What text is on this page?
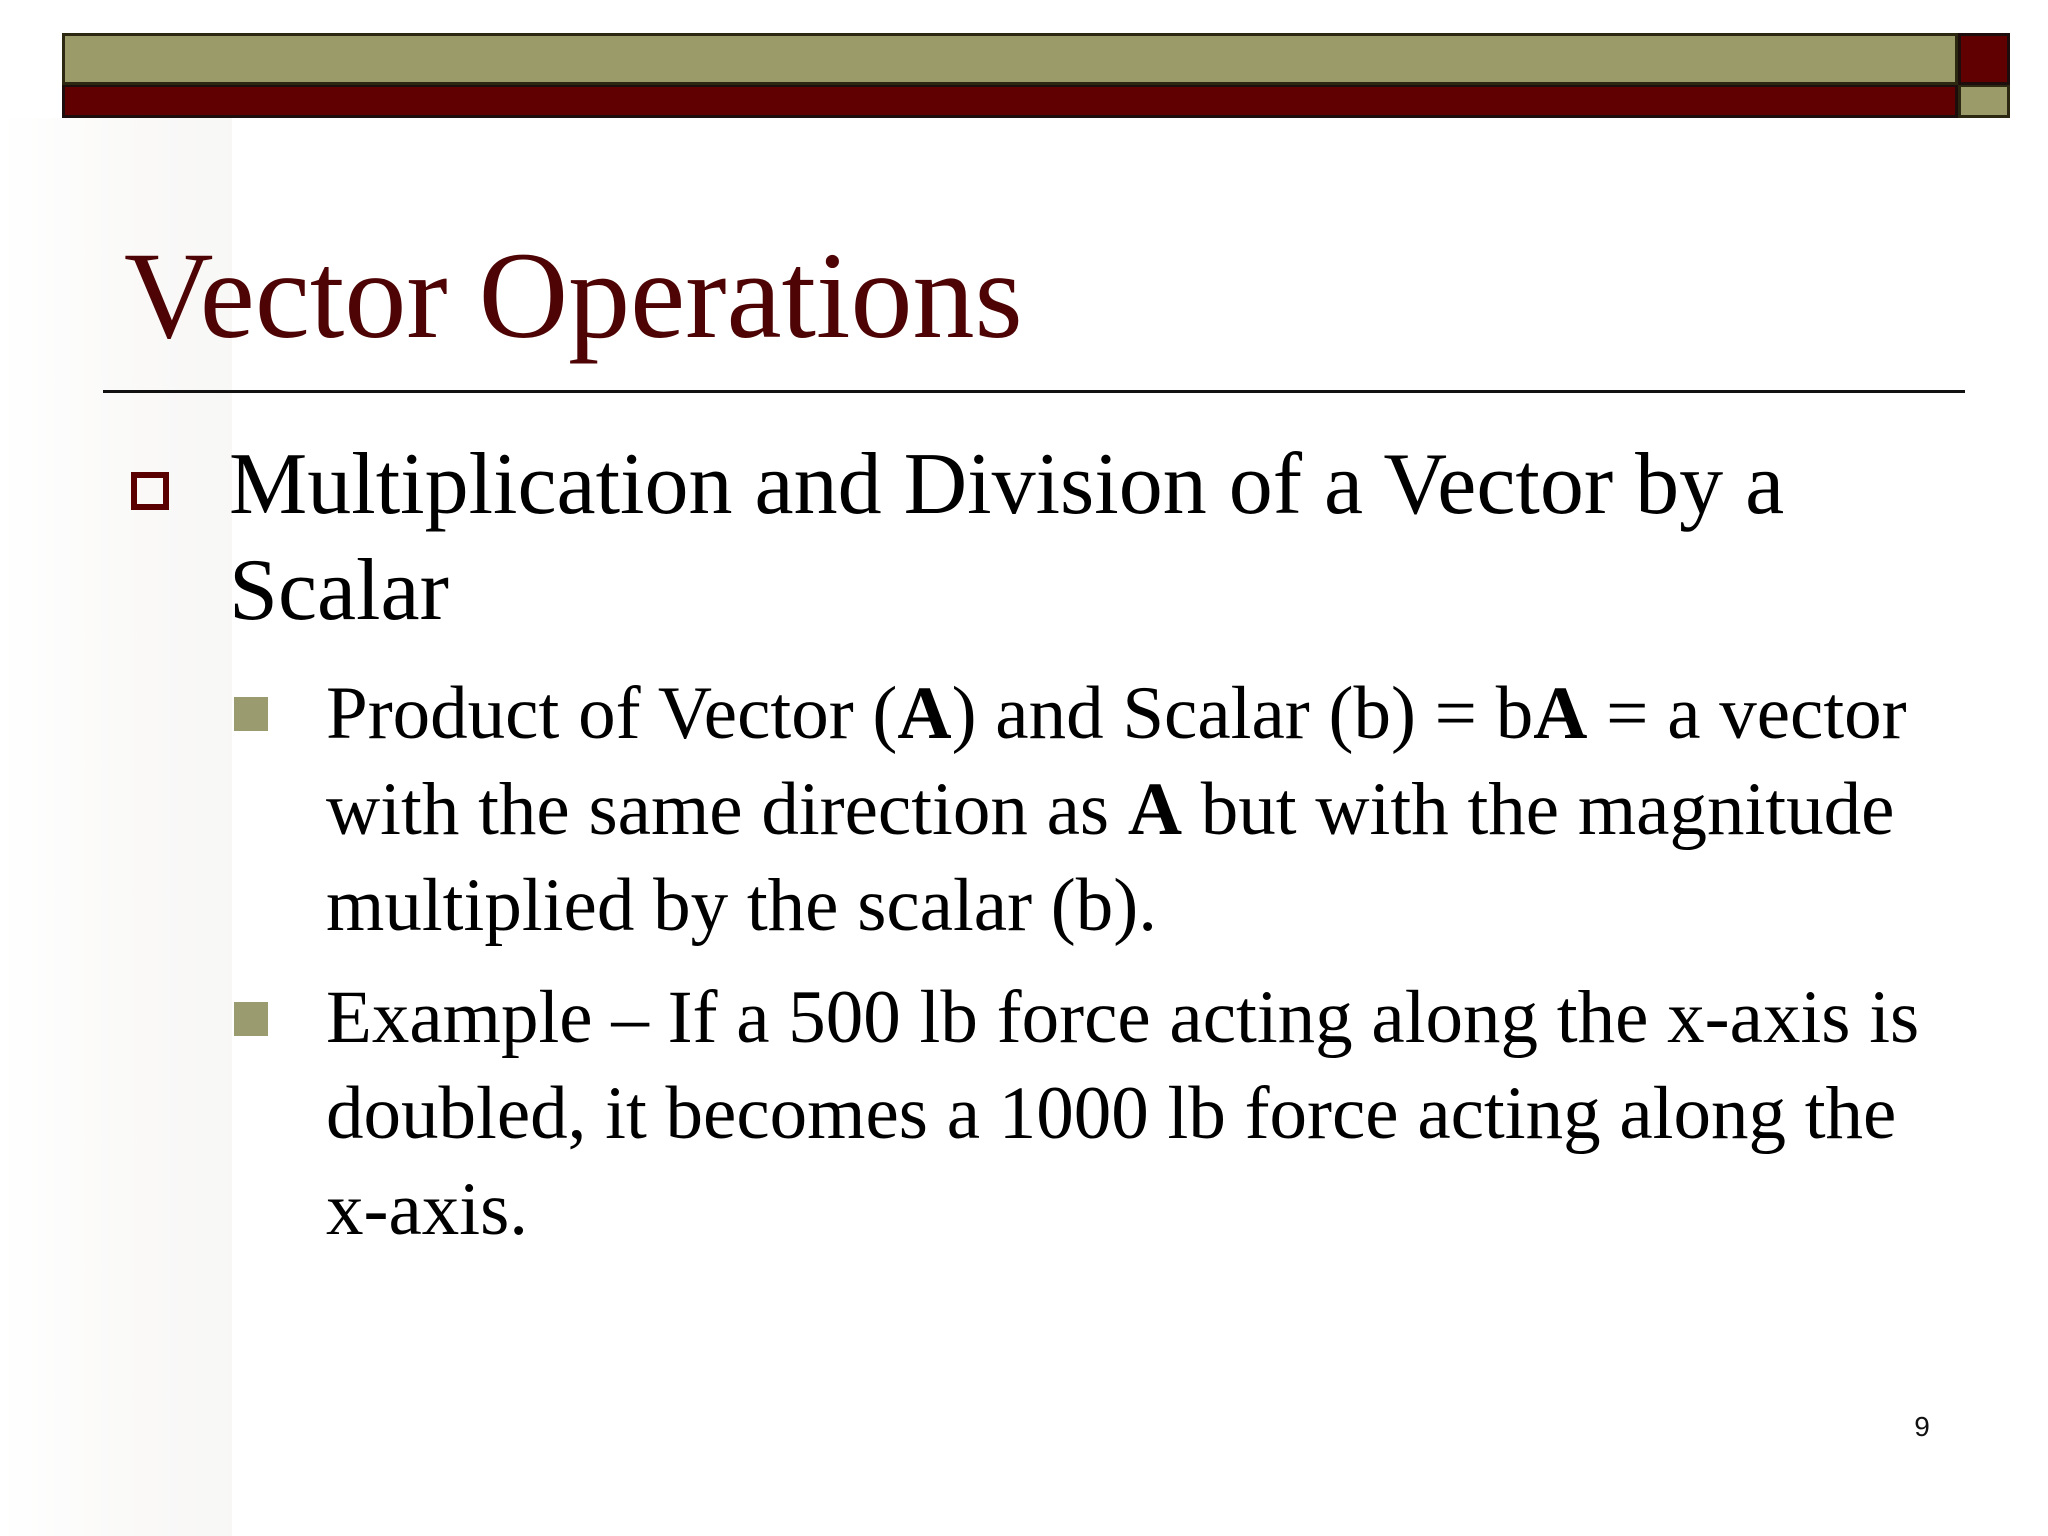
Vector Operations

Multiplication and Division of a Vector by a Scalar

Product of Vector (A) and Scalar (b) = bA = a vector with the same direction as A but with the magnitude multiplied by the scalar (b).

Example – If a 500 lb force acting along the x-axis is doubled, it becomes a 1000 lb force acting along the x-axis.

9
